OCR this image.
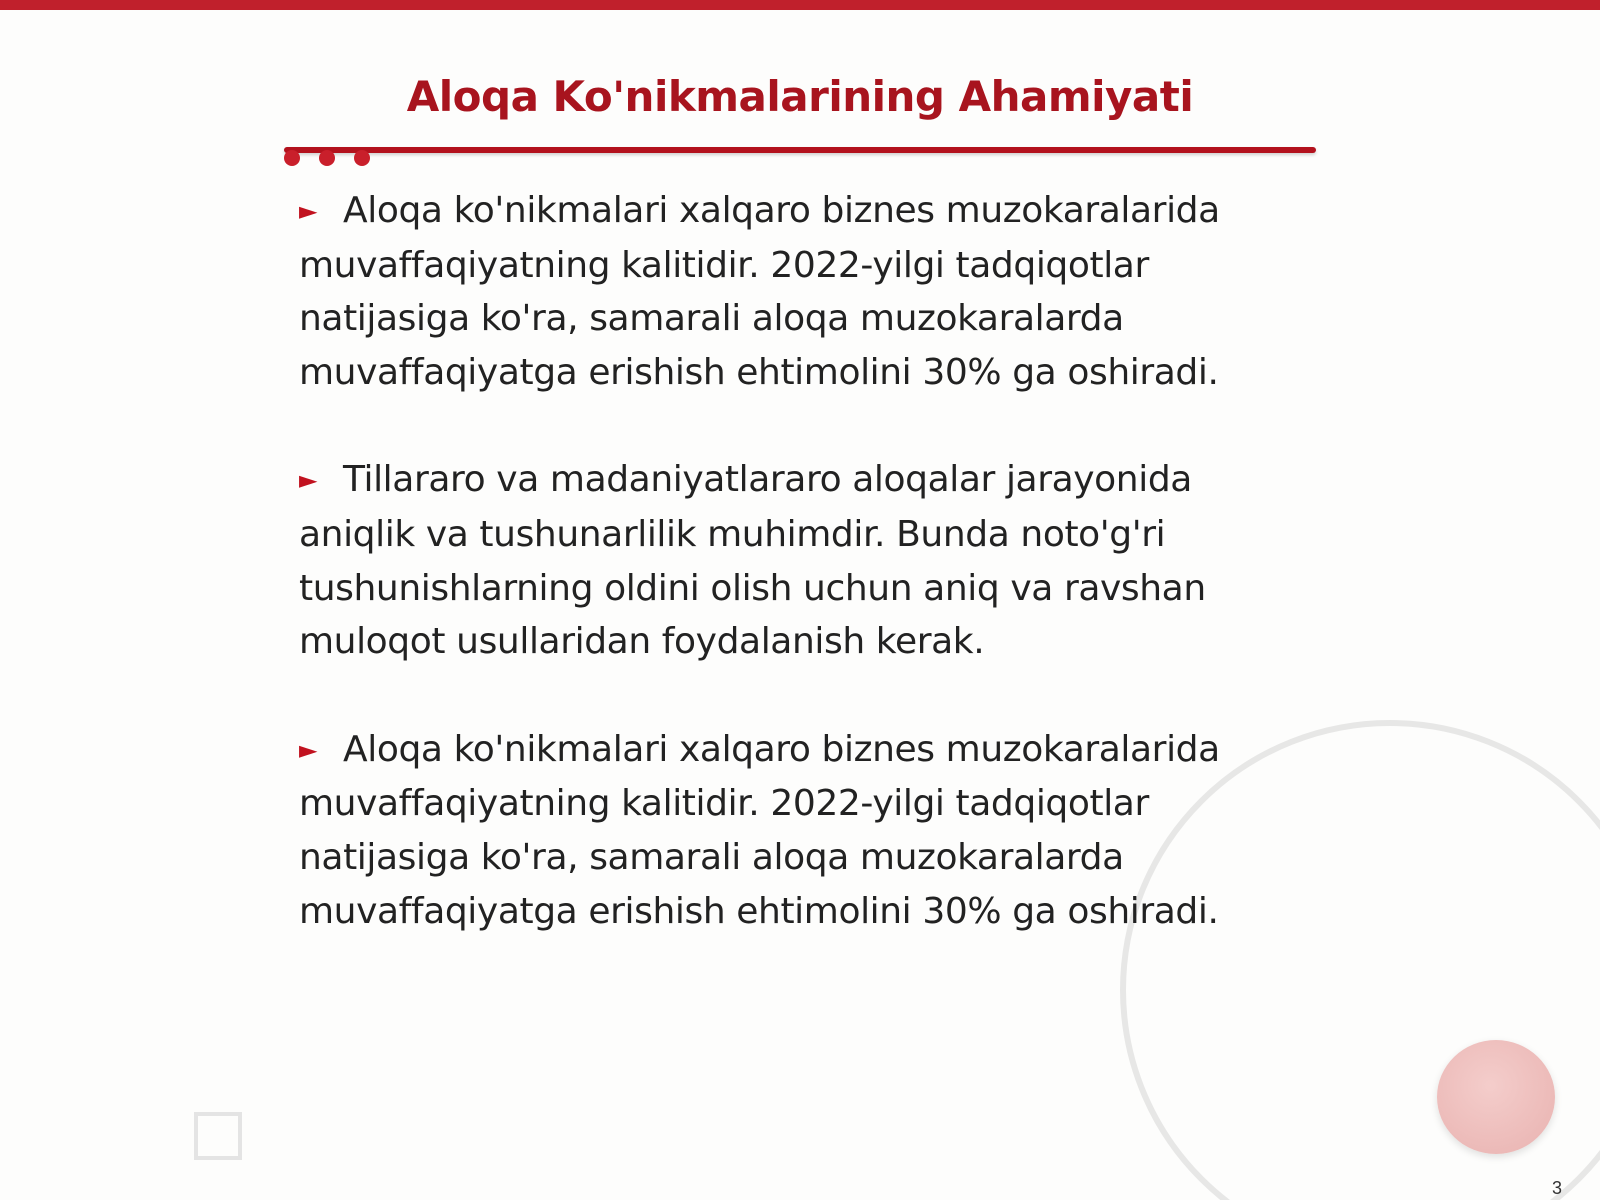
Aloqa Ko'nikmalarining Ahamiyati

► Aloqa ko'nikmalari xalqaro biznes muzokaralarida muvaffaqiyatning kalitidir. 2022-yilgi tadqiqotlar natijasiga ko'ra, samarali aloqa muzokaralarda muvaffaqiyatga erishish ehtimolini 30% ga oshiradi.

► Tillararo va madaniyatlararo aloqalar jarayonida aniqlik va tushunarlilik muhimdir. Bunda noto'g'ri tushunishlarning oldini olish uchun aniq va ravshan muloqot usullaridan foydalanish kerak.

► Aloqa ko'nikmalari xalqaro biznes muzokaralarida muvaffaqiyatning kalitidir. 2022-yilgi tadqiqotlar natijasiga ko'ra, samarali aloqa muzokaralarda muvaffaqiyatga erishish ehtimolini 30% ga oshiradi.

3
